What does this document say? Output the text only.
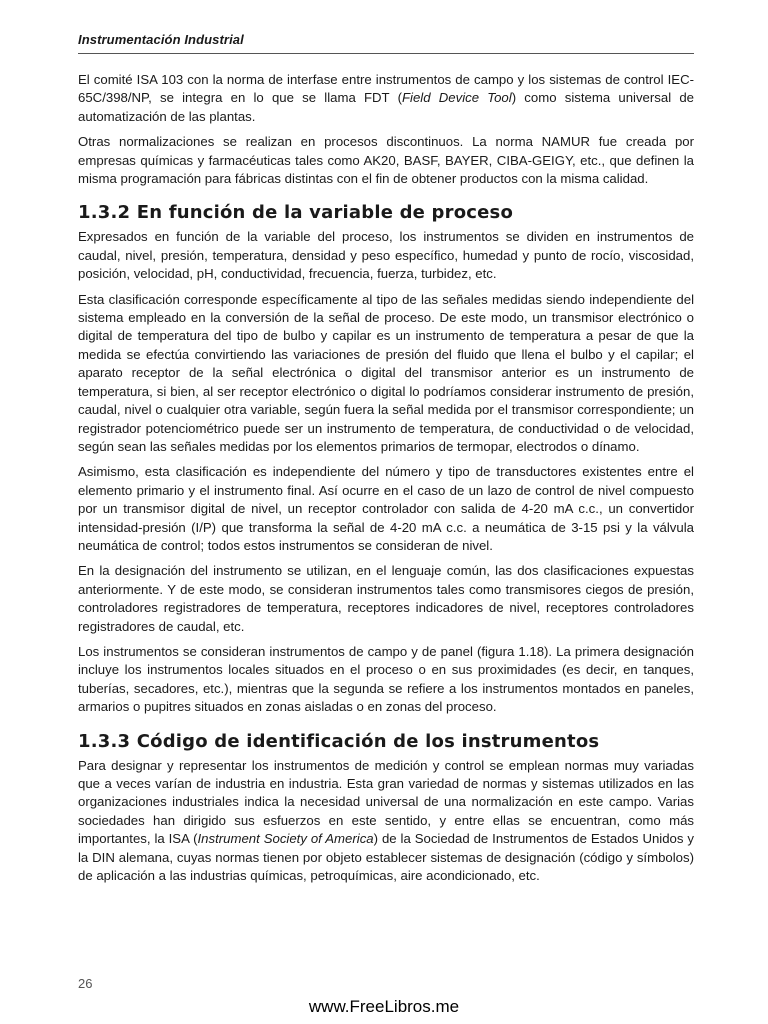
Instrumentación Industrial

El comité ISA 103 con la norma de interfase entre instrumentos de campo y los sistemas de control IEC-65C/398/NP, se integra en lo que se llama FDT (Field Device Tool) como sistema universal de automatización de las plantas.

Otras normalizaciones se realizan en procesos discontinuos. La norma NAMUR fue creada por empresas químicas y farmacéuticas tales como AK20, BASF, BAYER, CIBA-GEIGY, etc., que definen la misma programación para fábricas distintas con el fin de obtener productos con la misma calidad.

1.3.2 En función de la variable de proceso

Expresados en función de la variable del proceso, los instrumentos se dividen en instrumentos de caudal, nivel, presión, temperatura, densidad y peso específico, humedad y punto de rocío, viscosidad, posición, velocidad, pH, conductividad, frecuencia, fuerza, turbidez, etc.

Esta clasificación corresponde específicamente al tipo de las señales medidas siendo independiente del sistema empleado en la conversión de la señal de proceso. De este modo, un transmisor electrónico o digital de temperatura del tipo de bulbo y capilar es un instrumento de temperatura a pesar de que la medida se efectúa convirtiendo las variaciones de presión del fluido que llena el bulbo y el capilar; el aparato receptor de la señal electrónica o digital del transmisor anterior es un instrumento de temperatura, si bien, al ser receptor electrónico o digital lo podríamos considerar instrumento de presión, caudal, nivel o cualquier otra variable, según fuera la señal medida por el transmisor correspondiente; un registrador potenciométrico puede ser un instrumento de temperatura, de conductividad o de velocidad, según sean las señales medidas por los elementos primarios de termopar, electrodos o dínamo.

Asimismo, esta clasificación es independiente del número y tipo de transductores existentes entre el elemento primario y el instrumento final. Así ocurre en el caso de un lazo de control de nivel compuesto por un transmisor digital de nivel, un receptor controlador con salida de 4-20 mA c.c., un convertidor intensidad-presión (I/P) que transforma la señal de 4-20 mA c.c. a neumática de 3-15 psi y la válvula neumática de control; todos estos instrumentos se consideran de nivel.

En la designación del instrumento se utilizan, en el lenguaje común, las dos clasificaciones expuestas anteriormente. Y de este modo, se consideran instrumentos tales como transmisores ciegos de presión, controladores registradores de temperatura, receptores indicadores de nivel, receptores controladores registradores de caudal, etc.

Los instrumentos se consideran instrumentos de campo y de panel (figura 1.18). La primera designación incluye los instrumentos locales situados en el proceso o en sus proximidades (es decir, en tanques, tuberías, secadores, etc.), mientras que la segunda se refiere a los instrumentos montados en paneles, armarios o pupitres situados en zonas aisladas o en zonas del proceso.

1.3.3 Código de identificación de los instrumentos

Para designar y representar los instrumentos de medición y control se emplean normas muy variadas que a veces varían de industria en industria. Esta gran variedad de normas y sistemas utilizados en las organizaciones industriales indica la necesidad universal de una normalización en este campo. Varias sociedades han dirigido sus esfuerzos en este sentido, y entre ellas se encuentran, como más importantes, la ISA (Instrument Society of America) de la Sociedad de Instrumentos de Estados Unidos y la DIN alemana, cuyas normas tienen por objeto establecer sistemas de designación (código y símbolos) de aplicación a las industrias químicas, petroquímicas, aire acondicionado, etc.

26
www.FreeLibros.me
